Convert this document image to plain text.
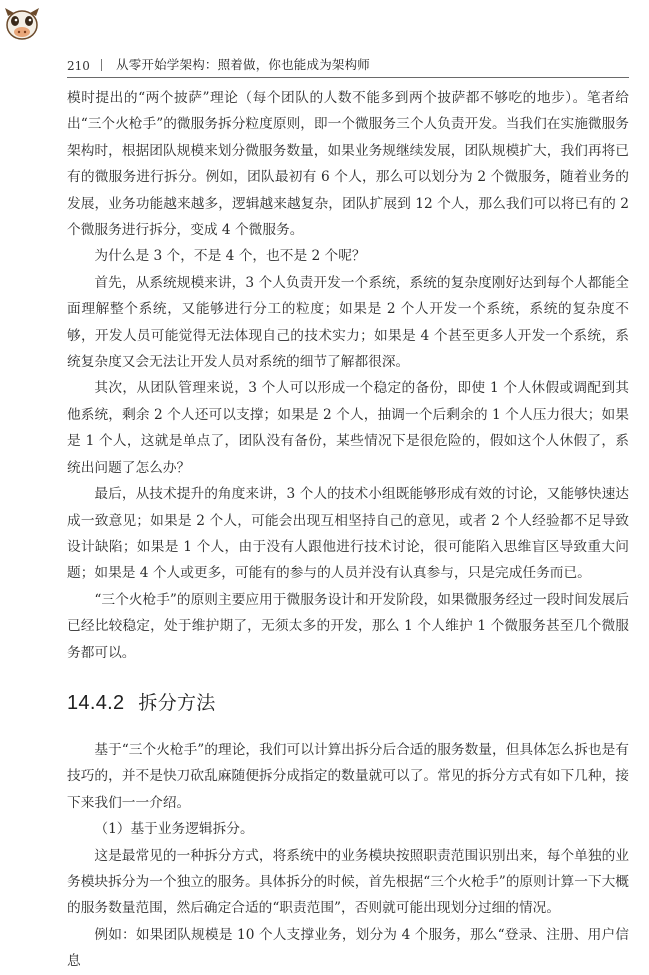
210	从零开始学架构：照着做，你也能成为架构师

模时提出的“两个披萨”理论（每个团队的人数不能多到两个披萨都不够吃的地步）。笔者给出“三个火枪手”的微服务拆分粒度原则，即一个微服务三个人负责开发。当我们在实施微服务架构时，根据团队规模来划分微服务数量，如果业务规继续发展，团队规模扩大，我们再将已有的微服务进行拆分。例如，团队最初有 6 个人，那么可以划分为 2 个微服务，随着业务的发展，业务功能越来越多，逻辑越来越复杂，团队扩展到 12 个人，那么我们可以将已有的 2 个微服务进行拆分，变成 4 个微服务。

为什么是 3 个，不是 4 个，也不是 2 个呢？

首先，从系统规模来讲，3 个人负责开发一个系统，系统的复杂度刚好达到每个人都能全面理解整个系统，又能够进行分工的粒度；如果是 2 个人开发一个系统，系统的复杂度不够，开发人员可能觉得无法体现自己的技术实力；如果是 4 个甚至更多人开发一个系统，系统复杂度又会无法让开发人员对系统的细节了解都很深。

其次，从团队管理来说，3 个人可以形成一个稳定的备份，即使 1 个人休假或调配到其他系统，剩余 2 个人还可以支撑；如果是 2 个人，抽调一个后剩余的 1 个人压力很大；如果是 1 个人，这就是单点了，团队没有备份，某些情况下是很危险的，假如这个人休假了，系统出问题了怎么办？

最后，从技术提升的角度来讲，3 个人的技术小组既能够形成有效的讨论，又能够快速达成一致意见；如果是 2 个人，可能会出现互相坚持自己的意见，或者 2 个人经验都不足导致设计缺陷；如果是 1 个人，由于没有人跟他进行技术讨论，很可能陷入思维盲区导致重大问题；如果是 4 个人或更多，可能有的参与的人员并没有认真参与，只是完成任务而已。

“三个火枪手”的原则主要应用于微服务设计和开发阶段，如果微服务经过一段时间发展后已经比较稳定，处于维护期了，无须太多的开发，那么 1 个人维护 1 个微服务甚至几个微服务都可以。

14.4.2 拆分方法

基于“三个火枪手”的理论，我们可以计算出拆分后合适的服务数量，但具体怎么拆也是有技巧的，并不是快刀砍乱麻随便拆分成指定的数量就可以了。常见的拆分方式有如下几种，接下来我们一一介绍。

（1）基于业务逻辑拆分。

这是最常见的一种拆分方式，将系统中的业务模块按照职责范围识别出来，每个单独的业务模块拆分为一个独立的服务。具体拆分的时候，首先根据“三个火枪手”的原则计算一下大概的服务数量范围，然后确定合适的“职责范围”，否则就可能出现划分过细的情况。

例如：如果团队规模是 10 个人支撑业务，划分为 4 个服务，那么“登录、注册、用户信息
